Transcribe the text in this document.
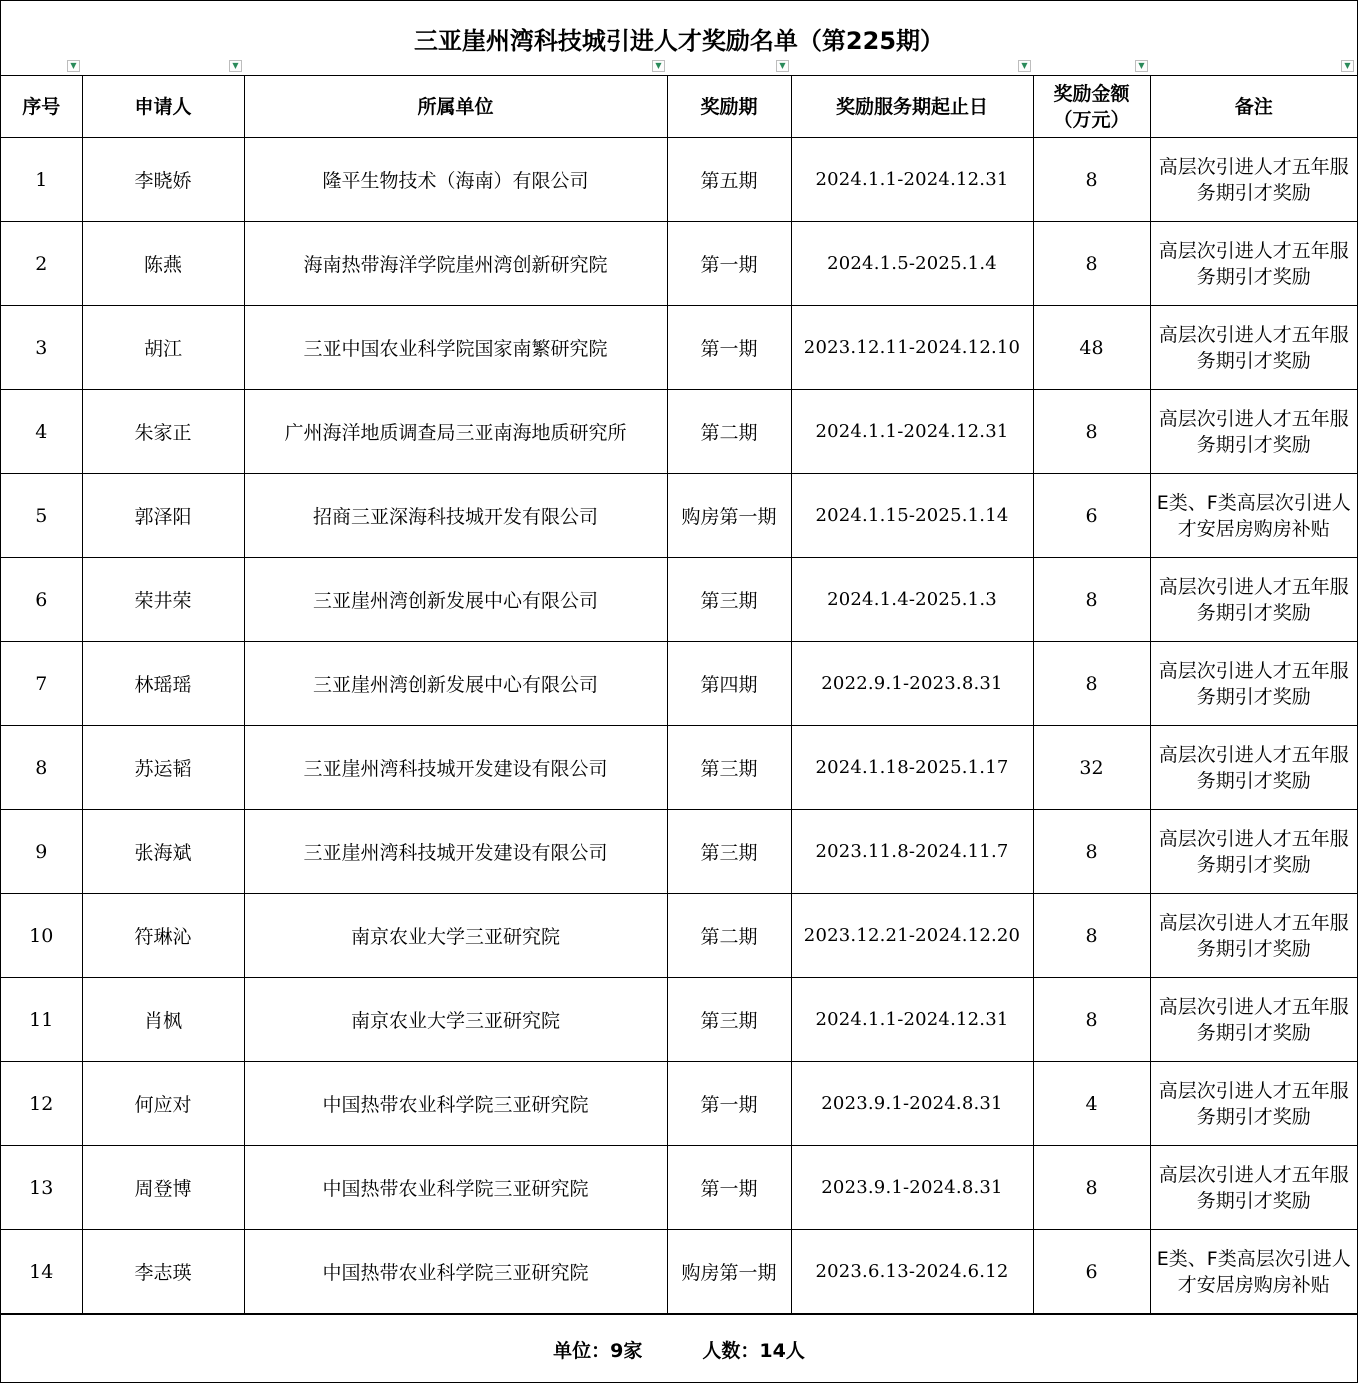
三亚崖州湾科技城引进人才奖励名单（第225期）
▼	▼	▼	▼	▼	▼	▼
序号	申请人	所属单位	奖励期	奖励服务期起止日	奖励金额（万元）	备注
1	李晓娇	隆平生物技术（海南）有限公司	第五期	2024.1.1-2024.12.31	8	高层次引进人才五年服务期引才奖励
2	陈燕	海南热带海洋学院崖州湾创新研究院	第一期	2024.1.5-2025.1.4	8	高层次引进人才五年服务期引才奖励
3	胡江	三亚中国农业科学院国家南繁研究院	第一期	2023.12.11-2024.12.10	48	高层次引进人才五年服务期引才奖励
4	朱家正	广州海洋地质调查局三亚南海地质研究所	第二期	2024.1.1-2024.12.31	8	高层次引进人才五年服务期引才奖励
5	郭泽阳	招商三亚深海科技城开发有限公司	购房第一期	2024.1.15-2025.1.14	6	E类、F类高层次引进人才安居房购房补贴
6	荣井荣	三亚崖州湾创新发展中心有限公司	第三期	2024.1.4-2025.1.3	8	高层次引进人才五年服务期引才奖励
7	林瑶瑶	三亚崖州湾创新发展中心有限公司	第四期	2022.9.1-2023.8.31	8	高层次引进人才五年服务期引才奖励
8	苏运韬	三亚崖州湾科技城开发建设有限公司	第三期	2024.1.18-2025.1.17	32	高层次引进人才五年服务期引才奖励
9	张海斌	三亚崖州湾科技城开发建设有限公司	第三期	2023.11.8-2024.11.7	8	高层次引进人才五年服务期引才奖励
10	符琳沁	南京农业大学三亚研究院	第二期	2023.12.21-2024.12.20	8	高层次引进人才五年服务期引才奖励
11	肖枫	南京农业大学三亚研究院	第三期	2024.1.1-2024.12.31	8	高层次引进人才五年服务期引才奖励
12	何应对	中国热带农业科学院三亚研究院	第一期	2023.9.1-2024.8.31	4	高层次引进人才五年服务期引才奖励
13	周登博	中国热带农业科学院三亚研究院	第一期	2023.9.1-2024.8.31	8	高层次引进人才五年服务期引才奖励
14	李志瑛	中国热带农业科学院三亚研究院	购房第一期	2023.6.13-2024.6.12	6	E类、F类高层次引进人才安居房购房补贴
单位：9家	人数：14人
